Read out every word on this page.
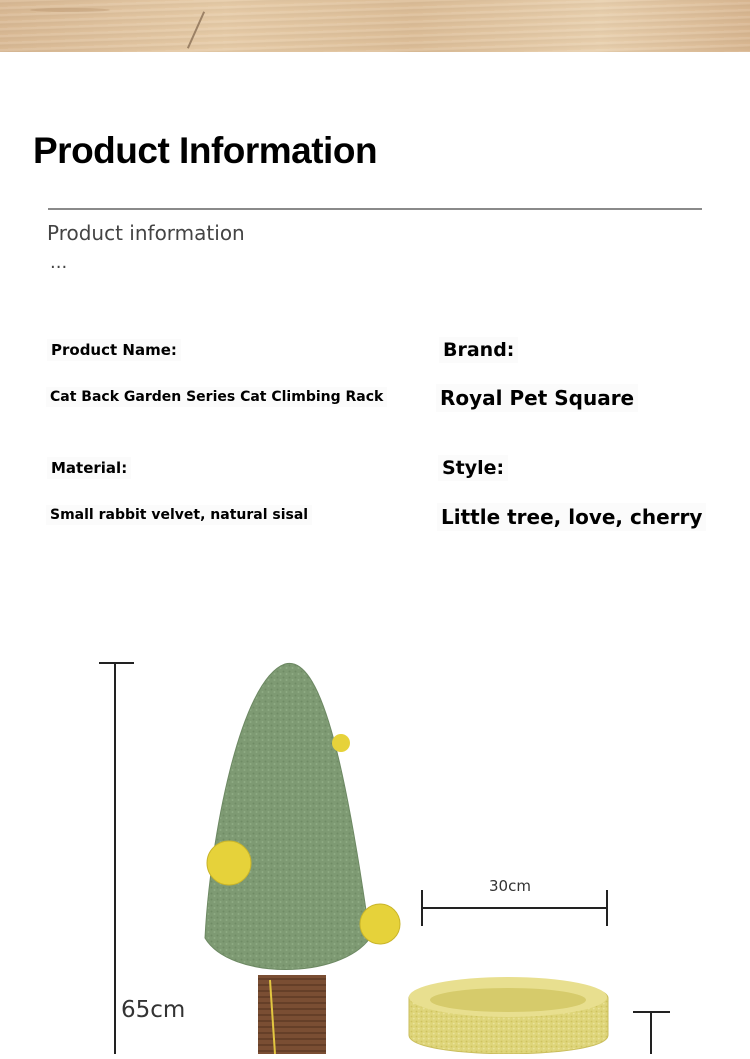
Product Information
Product information
...
Product Name:
Cat Back Garden Series Cat Climbing Rack
Brand:
Royal Pet Square
Material:
Small rabbit velvet, natural sisal
Style:
Little tree, love, cherry
65cm
30cm
